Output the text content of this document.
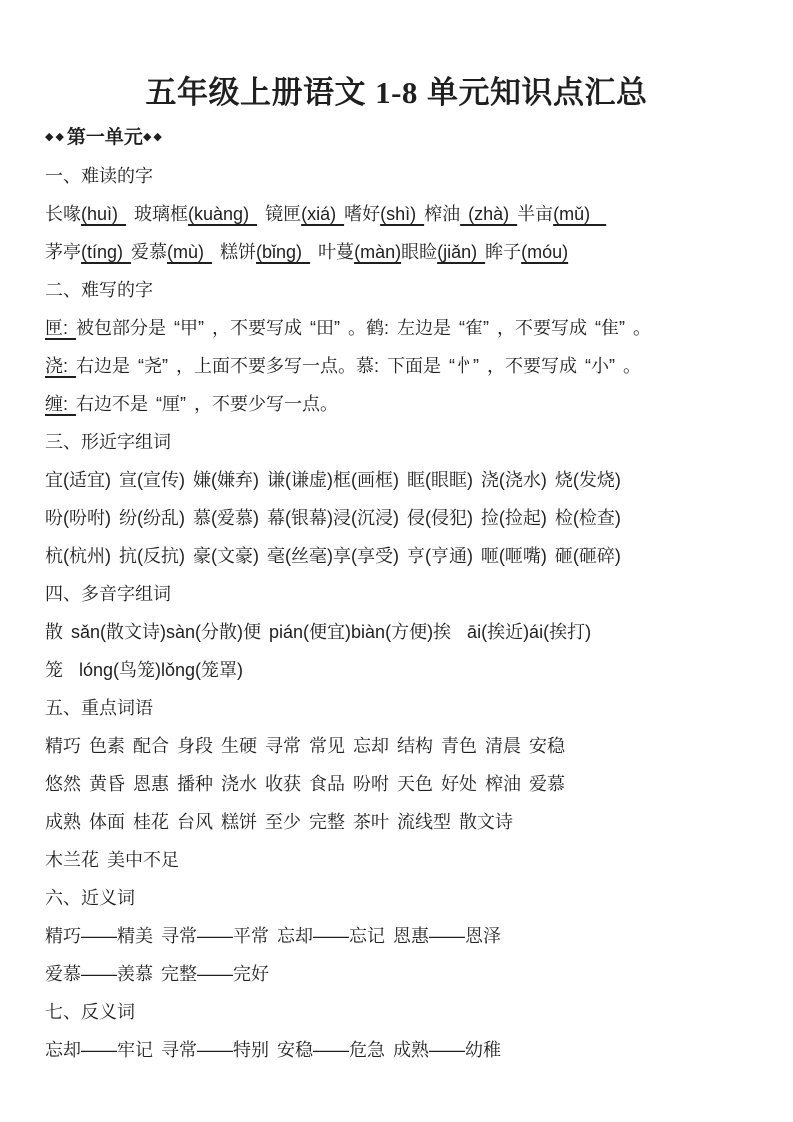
五年级上册语文 1-8 单元知识点汇总
◆◆第一单元◆◆
一、难读的字
长喙(huì)  玻璃框(kuàng)  镜匣(xiá) 嗜好(shì) 榨油 (zhà) 半亩(mǔ)
茅亭(tíng) 爱慕(mù)  糕饼(bǐng)  叶蔓(màn)眼睑(jiǎn) 眸子(móu)
二、难写的字
匣: 被包部分是 “甲” ，不要写成 “田” 。鹤: 左边是 “隺” ，不要写成 “隹” 。
浇: 右边是 “尧” ，上面不要多写一点。慕: 下面是 “㣺” ，不要写成 “小” 。
缠: 右边不是 “厘” ，不要少写一点。
三、形近字组词
宜(适宜) 宣(宣传) 嫌(嫌弃) 谦(谦虚)框(画框) 眶(眼眶) 浇(浇水) 烧(发烧)
吩(吩咐) 纷(纷乱) 慕(爱慕) 幕(银幕)浸(沉浸) 侵(侵犯) 捡(捡起) 检(检查)
杭(杭州) 抗(反抗) 豪(文豪) 毫(丝毫)享(享受) 亨(亨通) 咂(咂嘴) 砸(砸碎)
四、多音字组词
散 sǎn(散文诗)sàn(分散)便 pián(便宜)biàn(方便)挨  āi(挨近)ái(挨打)
笼  lóng(鸟笼)lǒng(笼罩)
五、重点词语
精巧 色素 配合 身段 生硬 寻常 常见 忘却 结构 青色 清晨 安稳
悠然 黄昏 恩惠 播种 浇水 收获 食品 吩咐 天色 好处 榨油 爱慕
成熟 体面 桂花 台风 糕饼 至少 完整 茶叶 流线型 散文诗
木兰花 美中不足
六、近义词
精巧——精美 寻常——平常 忘却——忘记 恩惠——恩泽
爱慕——羡慕 完整——完好
七、反义词
忘却——牢记 寻常——特别 安稳——危急 成熟——幼稚
